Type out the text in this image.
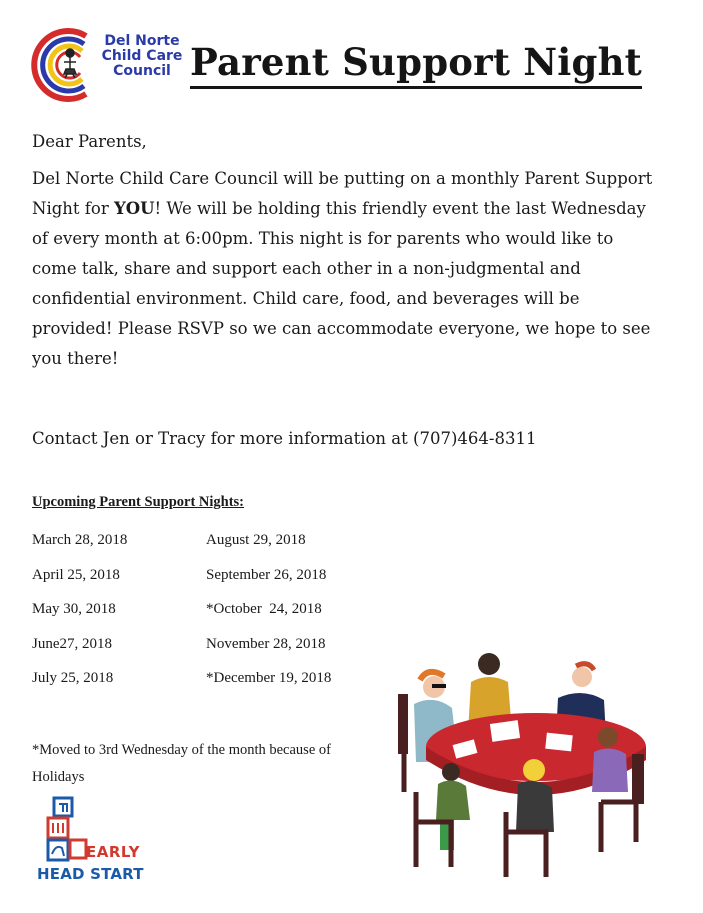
Del Norte
Child Care
Council Parent Support Night
Dear Parents,
Del Norte Child Care Council will be putting on a monthly Parent Support Night for YOU! We will be holding this friendly event the last Wednesday of every month at 6:00pm. This night is for parents who would like to come talk, share and support each other in a non-judgmental and confidential environment. Child care, food, and beverages will be provided! Please RSVP so we can accommodate everyone, we hope to see you there!
Contact Jen or Tracy for more information at (707)464-8311
Upcoming Parent Support Nights:
March 28, 2018
April 25, 2018
May 30, 2018
June27, 2018
July 25, 2018
August 29, 2018
September 26, 2018
*October  24, 2018
November 28, 2018
*December 19, 2018
*Moved to 3rd Wednesday of the month because of Holidays
EARLY
HEAD START
